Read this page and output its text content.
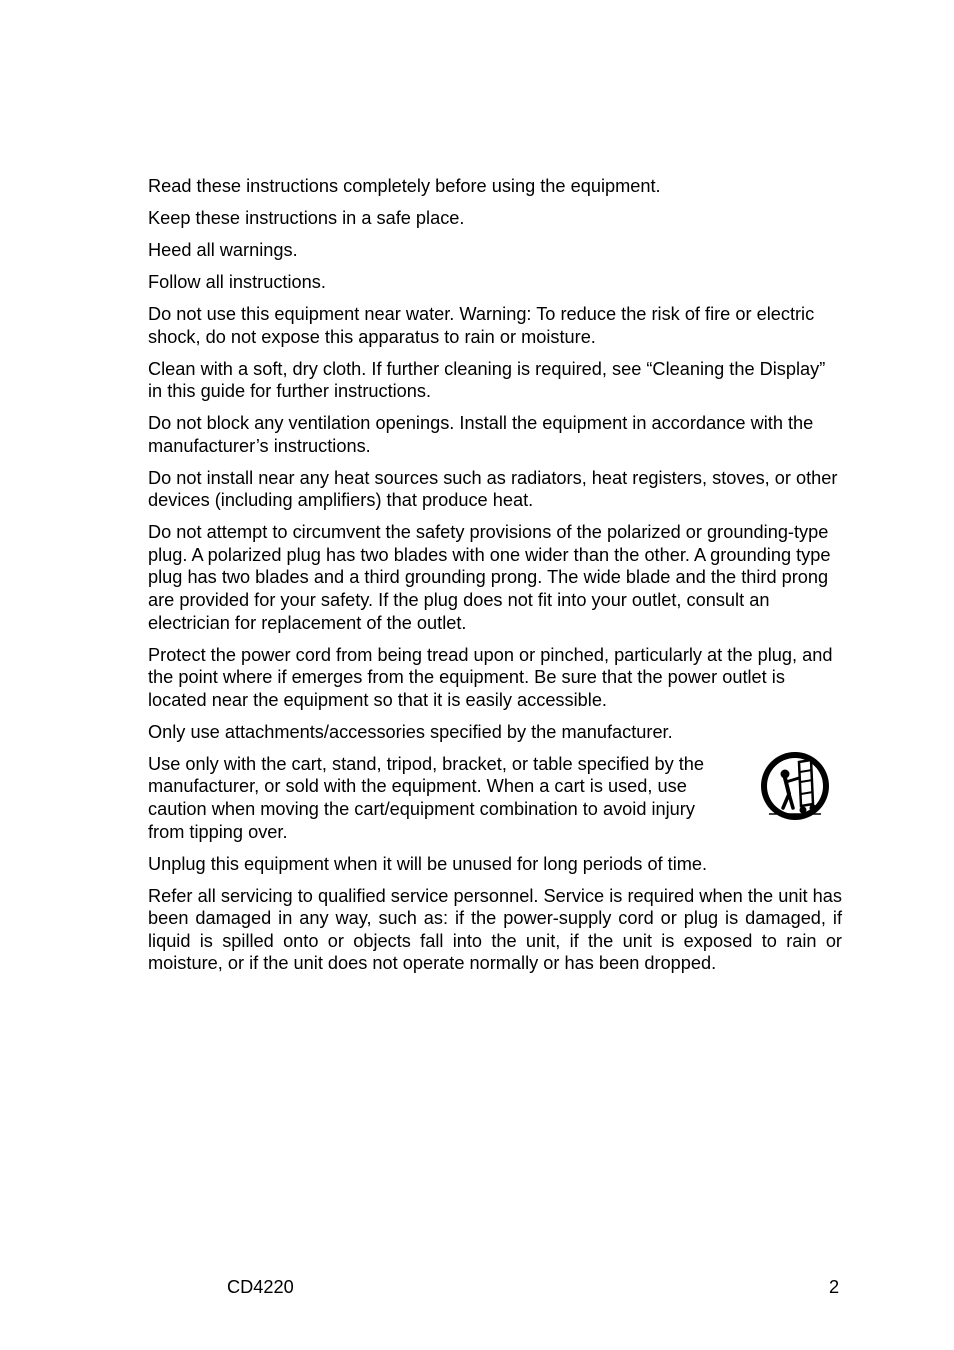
Read these instructions completely before using the equipment.

Keep these instructions in a safe place.

Heed all warnings.

Follow all instructions.

Do not use this equipment near water. Warning: To reduce the risk of fire or electric shock, do not expose this apparatus to rain or moisture.

Clean with a soft, dry cloth. If further cleaning is required, see “Cleaning the Display” in this guide for further instructions.

Do not block any ventilation openings. Install the equipment in accordance with the manufacturer’s instructions.

Do not install near any heat sources such as radiators, heat registers, stoves, or other devices (including amplifiers) that produce heat.

Do not attempt to circumvent the safety provisions of the polarized or grounding-type plug. A polarized plug has two blades with one wider than the other. A grounding type plug has two blades and a third grounding prong. The wide blade and the third prong are provided for your safety. If the plug does not fit into your outlet, consult an electrician for replacement of the outlet.

Protect the power cord from being tread upon or pinched, particularly at the plug, and the point where if emerges from the equipment. Be sure that the power outlet is located near the equipment so that it is easily accessible.

Only use attachments/accessories specified by the manufacturer.

Use only with the cart, stand, tripod, bracket, or table specified by the manufacturer, or sold with the equipment. When a cart is used, use caution when moving the cart/equipment combination to avoid injury from tipping over.

Unplug this equipment when it will be unused for long periods of time.

Refer all servicing to qualified service personnel. Service is required when the unit has been damaged in any way, such as: if the power-supply cord or plug is damaged, if liquid is spilled onto or objects fall into the unit, if the unit is exposed to rain or moisture, or if the unit does not operate normally or has been dropped.

CD4220	2
